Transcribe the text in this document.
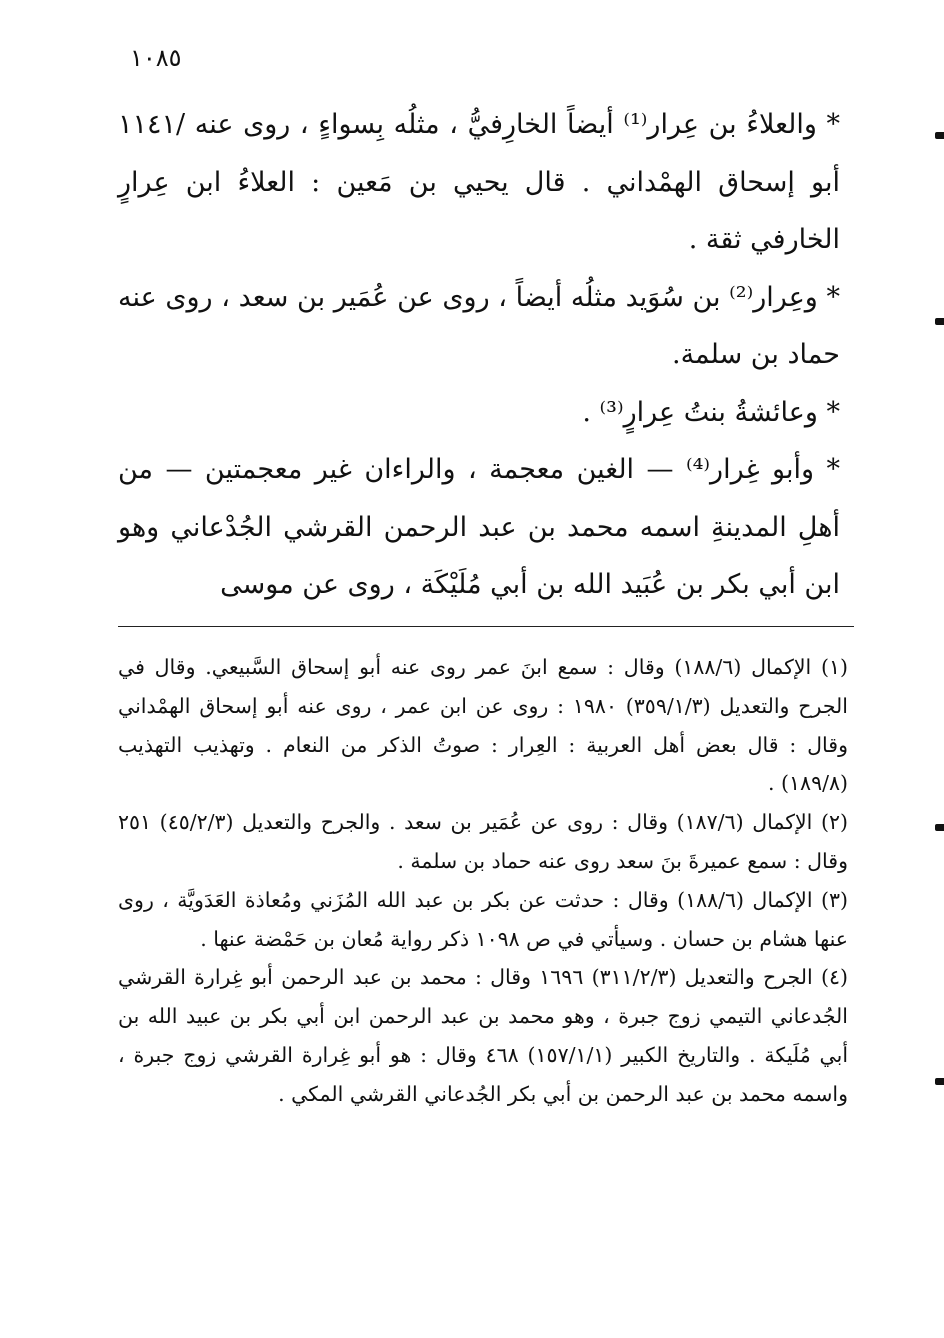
١٠٨٥

* والعلاءُ بن عِرار⁽¹⁾ أيضاً الخارِفيُّ ، مثلُه بِسواءٍ ، روى عنه /١١٤١ أبو إسحاق الهمْداني . قال يحيي بن مَعين : العلاءُ ابن عِرارٍ الخارفي ثقة .

* وعِرار⁽²⁾ بن سُوَيد مثلُه أيضاً ، روى عن عُمَير بن سعد ، روى عنه حماد بن سلمة.

* وعائشةُ بنتُ عِرارٍ⁽³⁾ .

* وأبو غِرار⁽⁴⁾ — الغين معجمة ، والراءان غير معجمتين — من أهلِ المدينةِ اسمه محمد بن عبد الرحمن القرشي الجُدْعاني وهو ابن أبي بكر بن عُبَيد الله بن أبي مُلَيْكَة ، روى عن موسى

(١) الإكمال (١٨٨/٦) وقال : سمع ابنَ عمر روى عنه أبو إسحاق السَّبيعي. وقال في الجرح والتعديل (٣٥٩/١/٣) ١٩٨٠ : روى عن ابن عمر ، روى عنه أبو إسحاق الهمْداني وقال : قال بعض أهل العربية : العِرار : صوتُ الذكر من النعام . وتهذيب التهذيب (١٨٩/٨) .

(٢) الإكمال (١٨٧/٦) وقال : روى عن عُمَير بن سعد . والجرح والتعديل (٤٥/٢/٣) ٢٥١ وقال : سمع عميرةَ بنَ سعد روى عنه حماد بن سلمة .

(٣) الإكمال (١٨٨/٦) وقال : حدثت عن بكر بن عبد الله المُزَني ومُعاذة العَدَويَّة ، روى عنها هشام بن حسان . وسيأتي في ص ١٠٩٨ ذكر رواية مُعان بن حَمْضة عنها .

(٤) الجرح والتعديل (٣١١/٢/٣) ١٦٩٦ وقال : محمد بن عبد الرحمن أبو غِرارة القرشي الجُدعاني التيمي زوج جبرة ، وهو محمد بن عبد الرحمن ابن أبي بكر بن عبيد الله بن أبي مُلَيكة . والتاريخ الكبير (١٥٧/١/١) ٤٦٨ وقال : هو أبو غِرارة القرشي زوج جبرة ، واسمه محمد بن عبد الرحمن بن أبي بكر الجُدعاني القرشي المكي .
